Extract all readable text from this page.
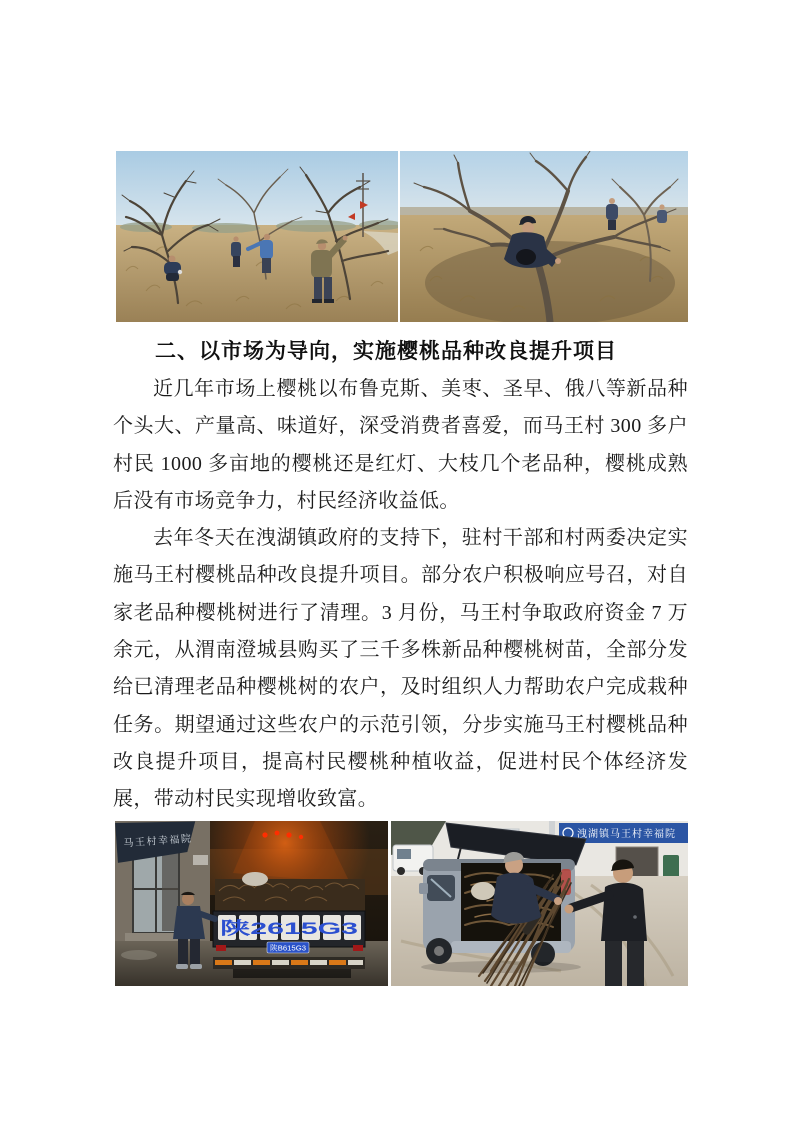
二、以市场为导向，实施樱桃品种改良提升项目

近几年市场上樱桃以布鲁克斯、美枣、圣早、俄八等新品种个头大、产量高、味道好，深受消费者喜爱，而马王村 300 多户村民 1000 多亩地的樱桃还是红灯、大枝几个老品种，樱桃成熟后没有市场竞争力，村民经济收益低。

去年冬天在洩湖镇政府的支持下，驻村干部和村两委决定实施马王村樱桃品种改良提升项目。部分农户积极响应号召，对自家老品种樱桃树进行了清理。3 月份，马王村争取政府资金 7 万余元，从渭南澄城县购买了三千多株新品种樱桃树苗，全部分发给已清理老品种樱桃树的农户，及时组织人力帮助农户完成栽种任务。期望通过这些农户的示范引领，分步实施马王村樱桃品种改良提升项目，提高村民樱桃种植收益，促进村民个体经济发展，带动村民实现增收致富。

马王村幸福院
陕2615G3
陕B615G3
洩湖镇马王村幸福院
